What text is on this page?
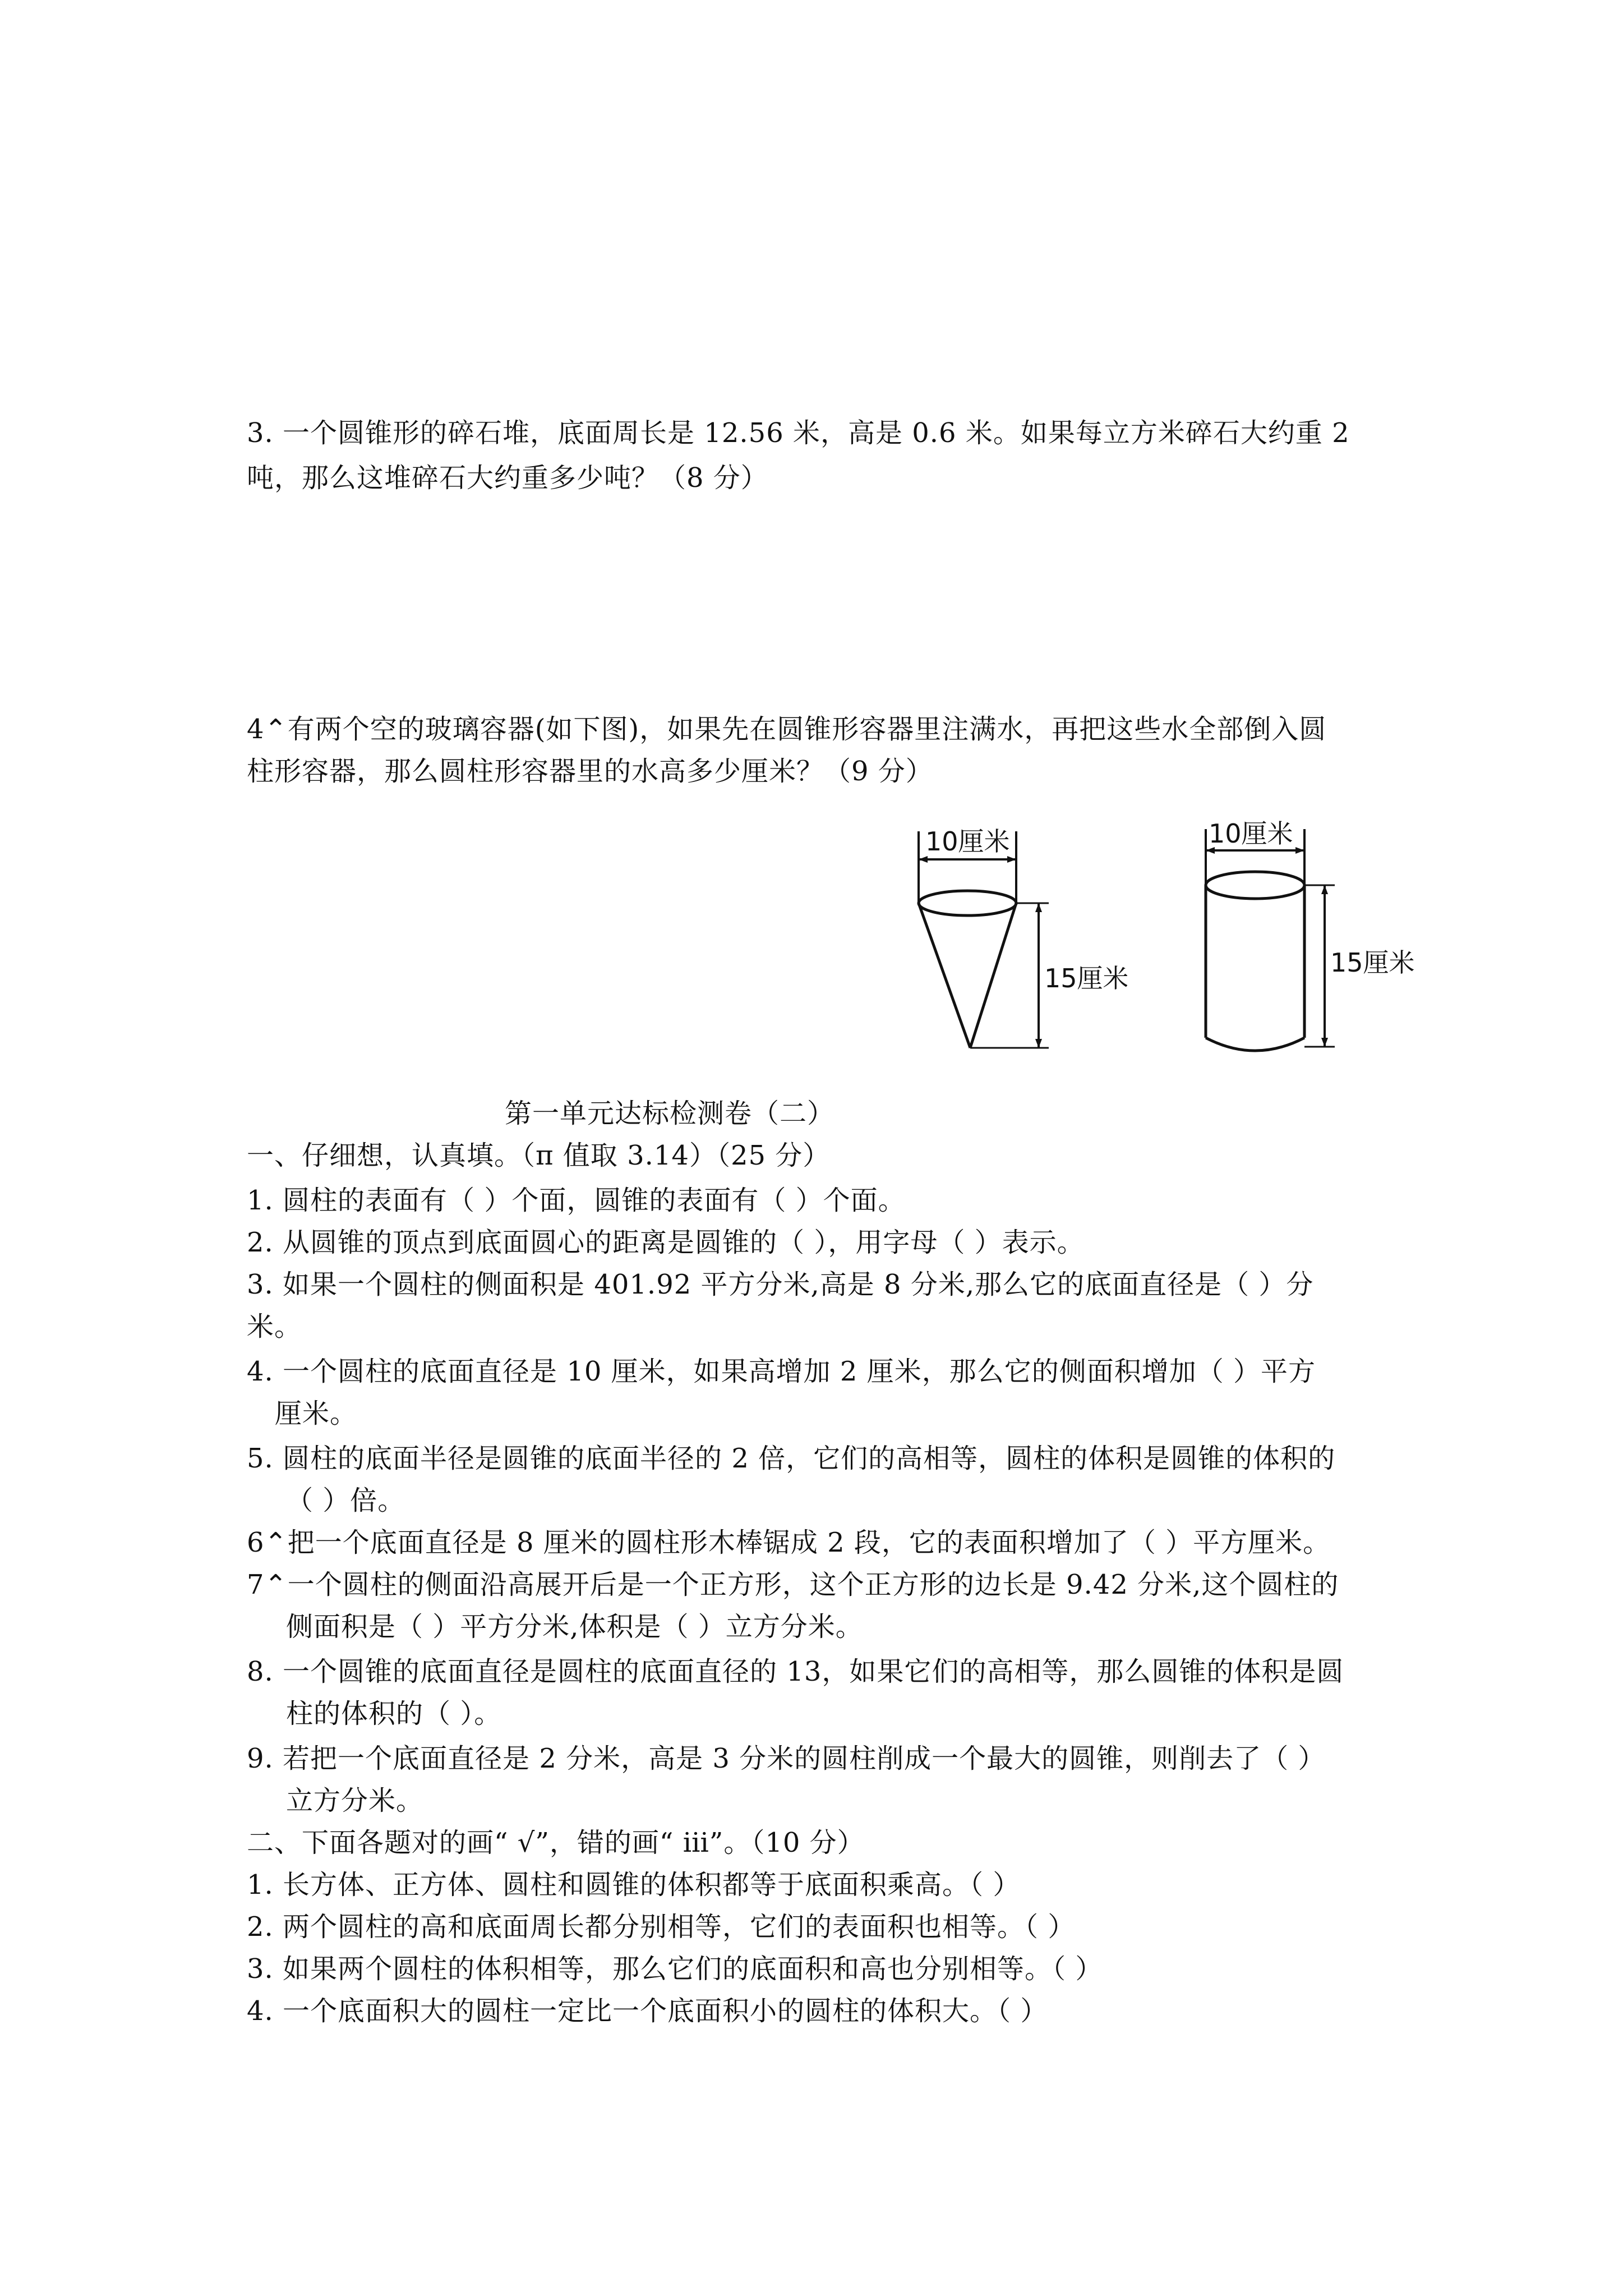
3. 一个圆锥形的碎石堆，底面周长是 12.56 米，高是 0.6 米。如果每立方米碎石大约重 2
吨，那么这堆碎石大约重多少吨？（8 分）
4⌃有两个空的玻璃容器(如下图)，如果先在圆锥形容器里注满水，再把这些水全部倒入圆
柱形容器，那么圆柱形容器里的水高多少厘米？（9 分）
10厘米
15厘米
10厘米
15厘米
第一单元达标检测卷（二）
一、仔细想，认真填。（π 值取 3.14）（25 分）
1. 圆柱的表面有（ ）个面，圆锥的表面有（ ）个面。
2. 从圆锥的顶点到底面圆心的距离是圆锥的（ ），用字母（ ）表示。
3. 如果一个圆柱的侧面积是 401.92 平方分米,高是 8 分米,那么它的底面直径是（ ）分
米。
4. 一个圆柱的底面直径是 10 厘米，如果高增加 2 厘米，那么它的侧面积增加（ ）平方
厘米。
5. 圆柱的底面半径是圆锥的底面半径的 2 倍，它们的高相等，圆柱的体积是圆锥的体积的
（ ）倍。
6⌃把一个底面直径是 8 厘米的圆柱形木棒锯成 2 段，它的表面积增加了（ ）平方厘米。
7⌃一个圆柱的侧面沿高展开后是一个正方形，这个正方形的边长是 9.42 分米,这个圆柱的
侧面积是（ ）平方分米,体积是（ ）立方分米。
8. 一个圆锥的底面直径是圆柱的底面直径的 13，如果它们的高相等，那么圆锥的体积是圆
柱的体积的（ ）。
9. 若把一个底面直径是 2 分米，高是 3 分米的圆柱削成一个最大的圆锥，则削去了（ ）
立方分米。
二、下面各题对的画“ √”，错的画“ ⅲ”。（10 分）
1. 长方体、正方体、圆柱和圆锥的体积都等于底面积乘高。（ ）
2. 两个圆柱的高和底面周长都分别相等，它们的表面积也相等。（ ）
3. 如果两个圆柱的体积相等，那么它们的底面积和高也分别相等。（ ）
4. 一个底面积大的圆柱一定比一个底面积小的圆柱的体积大。（ ）
